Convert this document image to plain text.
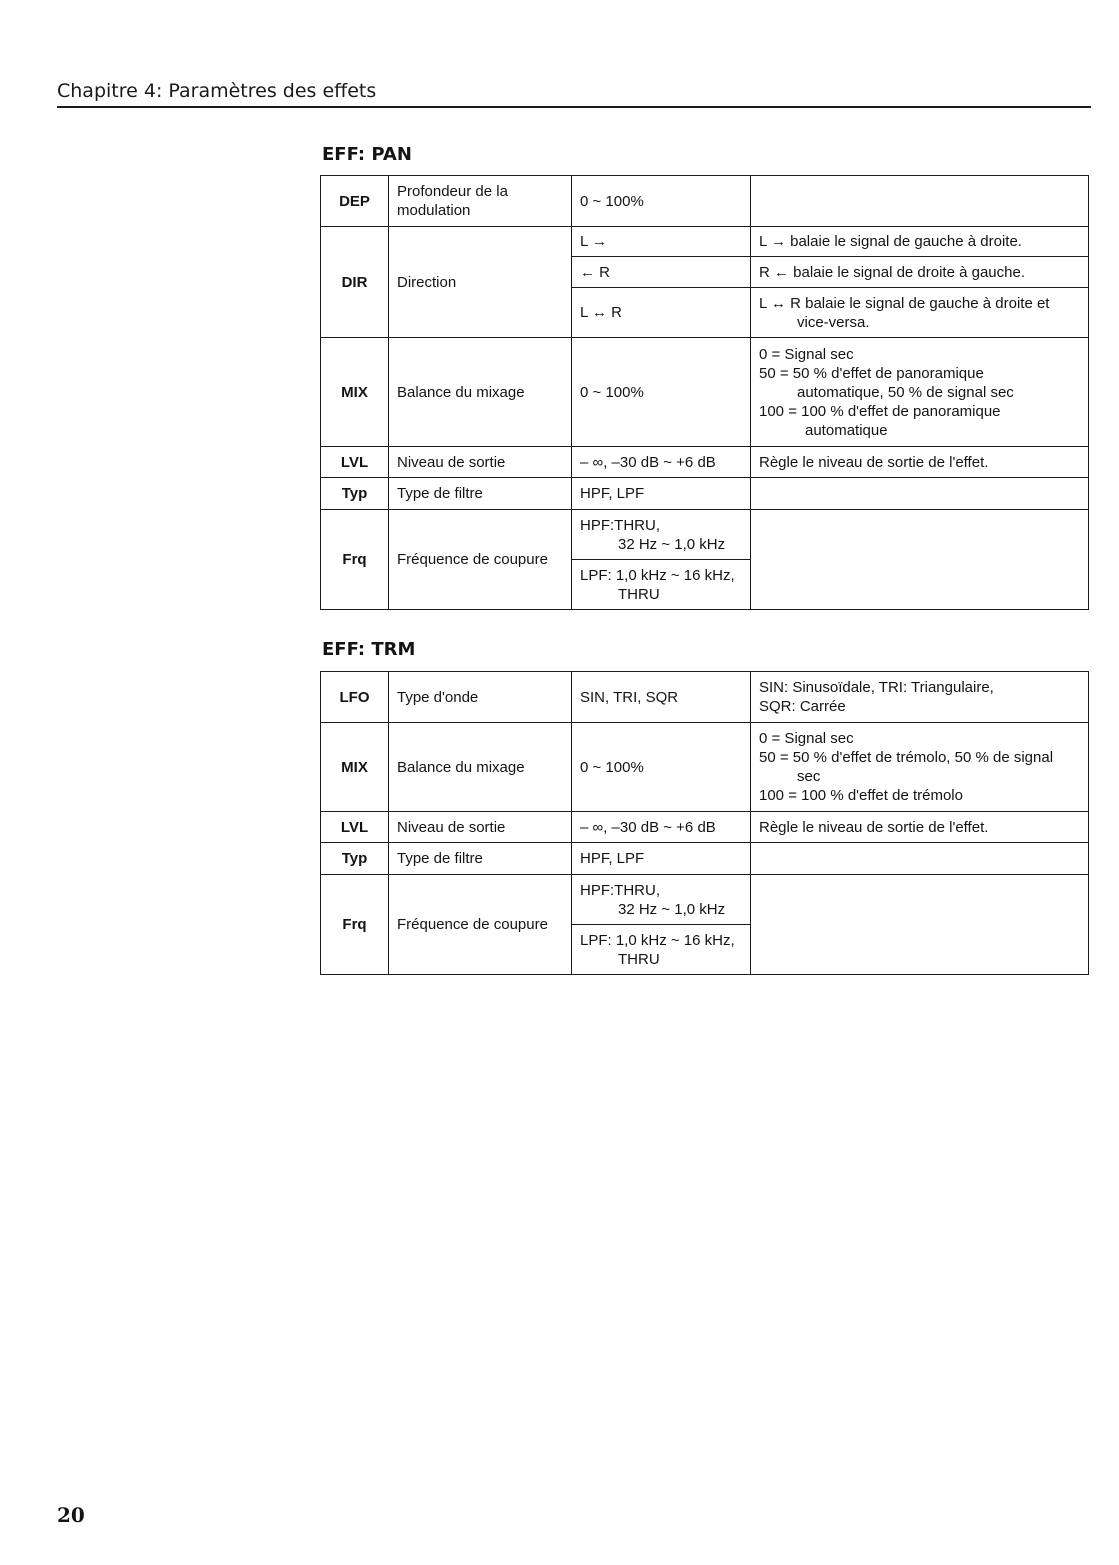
Chapitre 4: Paramètres des effets
EFF: PAN
DEP	Profondeur de la modulation	0 ~ 100%	
DIR	Direction	L →	L → balaie le signal de gauche à droite.
		← R	R ← balaie le signal de droite à gauche.
		L ↔ R	L ↔ R balaie le signal de gauche à droite et
vice-versa.

MIX	Balance du mixage	0 ~ 100%	0 = Signal sec
50 = 50 % d'effet de panoramique
automatique, 50 % de signal sec
100 = 100 % d'effet de panoramique
automatique

LVL	Niveau de sortie	– ∞, –30 dB ~ +6 dB	Règle le niveau de sortie de l'effet.
Typ	Type de filtre	HPF, LPF	
Frq	Fréquence de coupure	HPF:THRU,
32 Hz ~ 1,0 kHz	

		LPF: 1,0 kHz ~ 16 kHz,
THRU	
EFF: TRM
LFO	Type d'onde	SIN, TRI, SQR	SIN: Sinusoïdale, TRI: Triangulaire,
SQR: Carrée

MIX	Balance du mixage	0 ~ 100%	0 = Signal sec
50 = 50 % d'effet de trémolo, 50 % de signal
sec
100 = 100 % d'effet de trémolo

LVL	Niveau de sortie	– ∞, –30 dB ~ +6 dB	Règle le niveau de sortie de l'effet.
Typ	Type de filtre	HPF, LPF	
Frq	Fréquence de coupure	HPF:THRU,
32 Hz ~ 1,0 kHz	

		LPF: 1,0 kHz ~ 16 kHz,
THRU	
20
